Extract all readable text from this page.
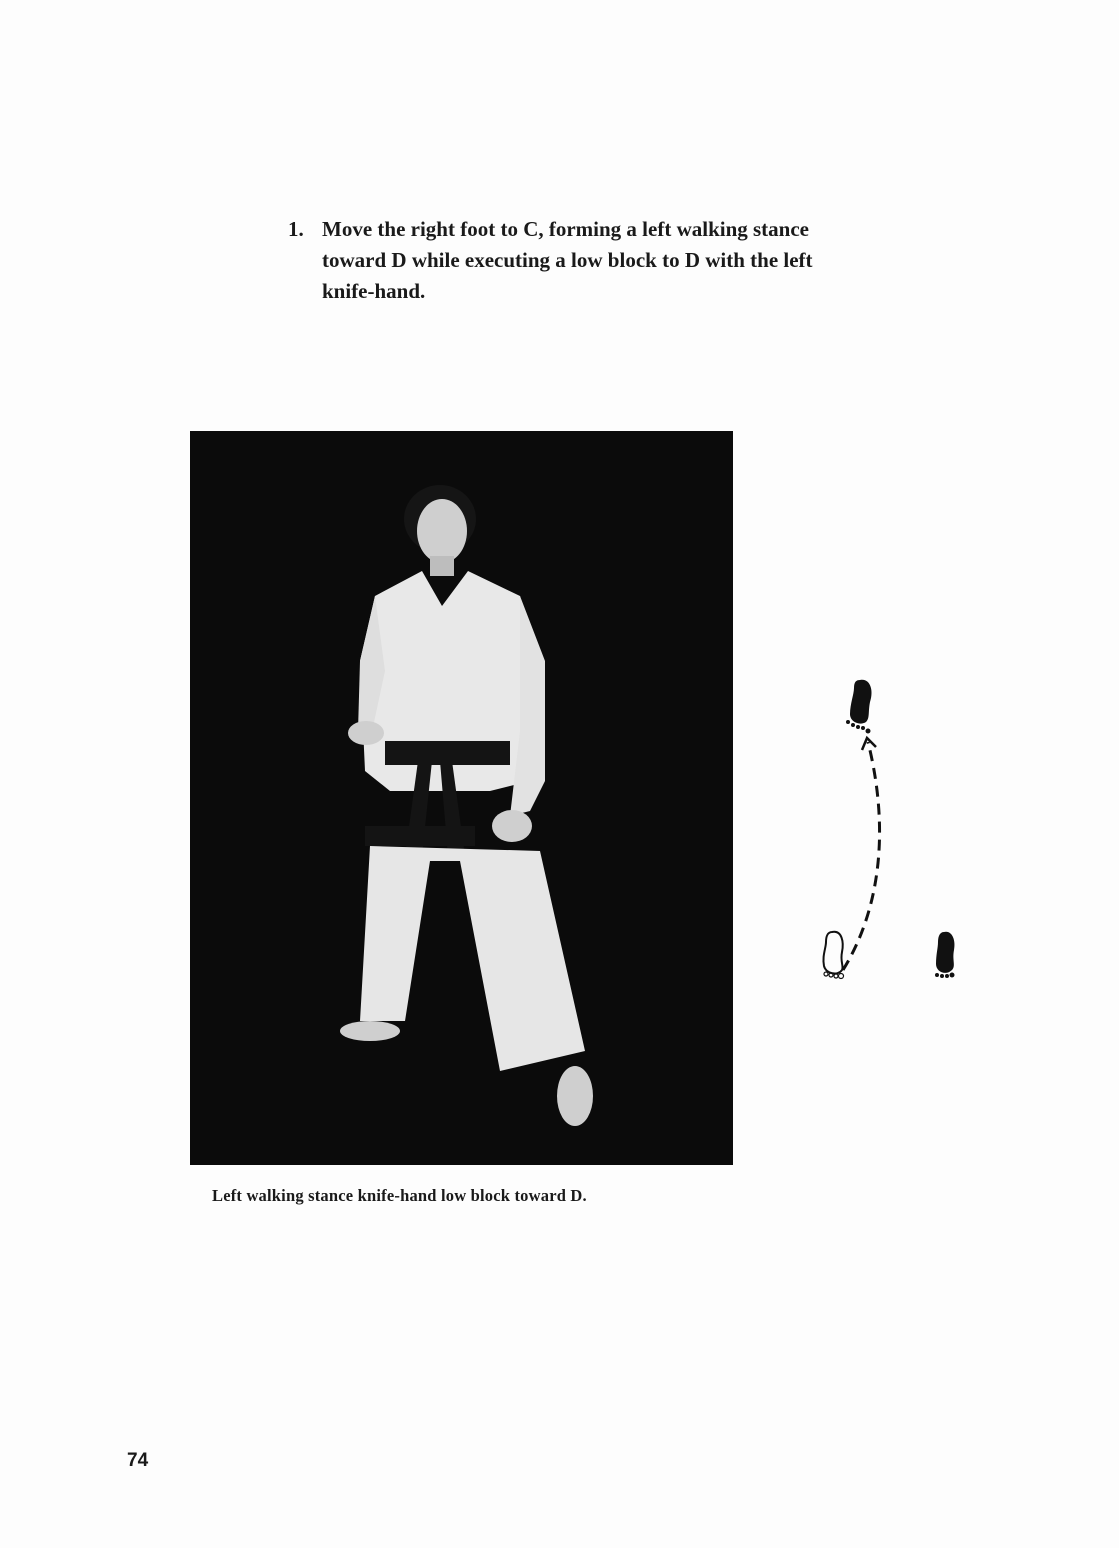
1. Move the right foot to C, forming a left walking stance toward D while executing a low block to D with the left knife-hand.
Left walking stance knife-hand low block toward D.
74
